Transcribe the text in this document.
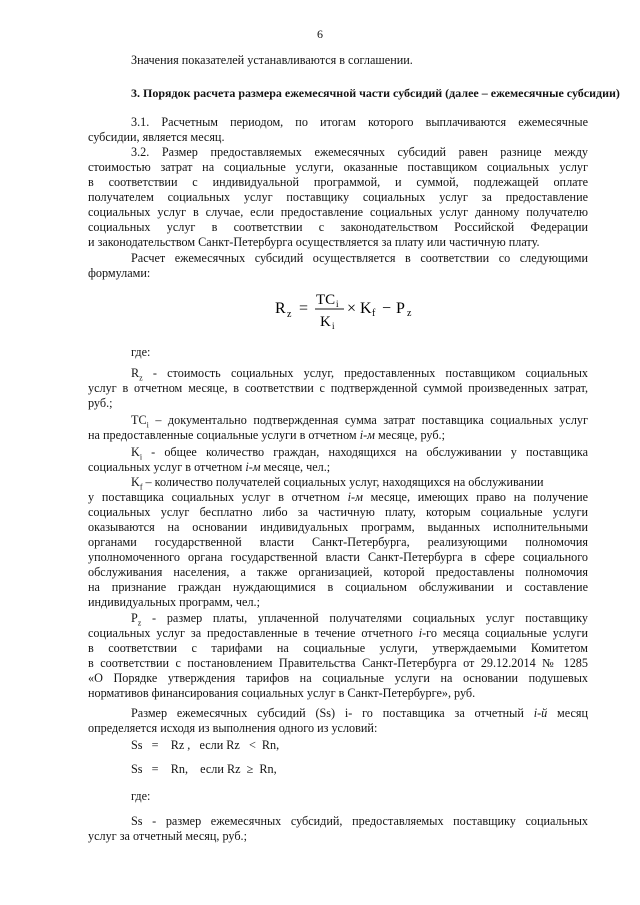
6
Значения показателей устанавливаются в соглашении.
3. Порядок расчета размера ежемесячной части субсидий (далее – ежемесячные субсидии)
3.1. Расчетным периодом, по итогам которого выплачиваются ежемесячные
субсидии, является месяц.
3.2. Размер предоставляемых ежемесячных субсидий равен разнице между
стоимостью затрат на социальные услуги, оказанные поставщиком социальных услуг
в соответствии с индивидуальной программой, и суммой, подлежащей оплате
получателем социальных услуг поставщику социальных услуг за предоставление
социальных услуг в случае, если предоставление социальных услуг данному получателю
социальных услуг в соответствии с законодательством Российской Федерации
и законодательством Санкт-Петербурга осуществляется за плату или частичную плату.
Расчет ежемесячных субсидий осуществляется в соответствии со следующими
формулами:
R z = TC i
K i
× K f − P z
где:
$R_z$ - стоимость социальных услуг, предоставленных поставщиком социальных
услуг в отчетном месяце, в соответствии с подтвержденной суммой произведенных затрат,
руб.;
$TC_i$ – документально подтвержденная сумма затрат поставщика социальных услуг
на предоставленные социальные услуги в отчетном i-м месяце, руб.;
$K_i$ - общее количество граждан, находящихся на обслуживании у поставщика
социальных услуг в отчетном i-м месяце, чел.;
$K_f$ – количество получателей социальных услуг, находящихся на обслуживании
у поставщика социальных услуг в отчетном i-м месяце, имеющих право на получение
социальных услуг бесплатно либо за частичную плату, которым социальные услуги
оказываются на основании индивидуальных программ, выданных исполнительными
органами государственной власти Санкт-Петербурга, реализующими полномочия
уполномоченного органа государственной власти Санкт-Петербурга в сфере социального
обслуживания населения, а также организацией, которой предоставлены полномочия
на признание граждан нуждающимися в социальном обслуживании и составление
индивидуальных программ, чел.;
$P_z$ - размер платы, уплаченной получателями социальных услуг поставщику
социальных услуг за предоставленные в течение отчетного i-го месяца социальные услуги
в соответствии с тарифами на социальные услуги, утверждаемыми Комитетом
в соответствии с постановлением Правительства Санкт-Петербурга от 29.12.2014 № 1285
«О Порядке утверждения тарифов на социальные услуги на основании подушевых
нормативов финансирования социальных услуг в Санкт-Петербурге», руб.
Размер ежемесячных субсидий (Ss) i- го поставщика за отчетный i-й месяц
определяется исходя из выполнения одного из условий:
Ss   =    Rz ,   если Rz   <  Rn,
Ss   =    Rn,    если Rz  ≥  Rn,
где:
Ss - размер ежемесячных субсидий, предоставляемых поставщику социальных
услуг за отчетный месяц, руб.;
